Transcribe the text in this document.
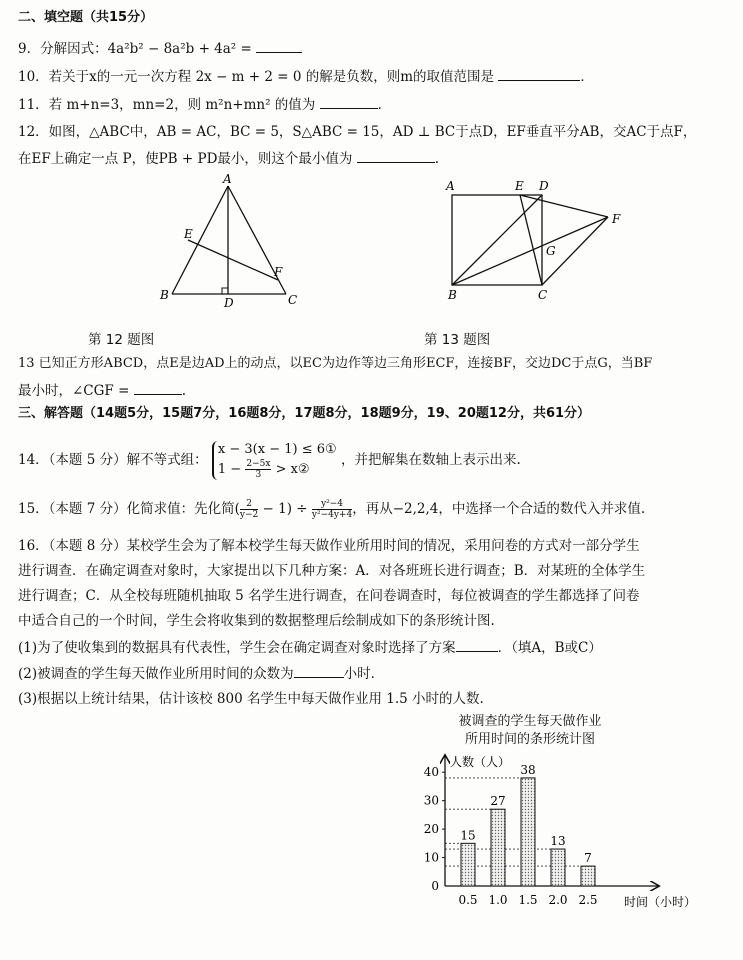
二、填空题（共15分）
9．分解因式：4a²b² − 8a²b + 4a² =
10．若关于x的一元一次方程 2x − m + 2 = 0 的解是负数，则m的取值范围是	．
11．若 m+n=3，mn=2，则 m²n+mn² 的值为	．
12．如图，△ABC中，AB = AC，BC = 5，S△ABC = 15，AD ⊥ BC于点D，EF垂直平分AB，交AC于点F，
在EF上确定一点 P，使PB + PD最小，则这个最小值为	.
A
B	C
D
E
F
第 12 题图
A	E D
F
G
B	C
第 13 题图
13 已知正方形ABCD，点E是边AD上的动点，以EC为边作等边三角形ECF，连接BF，交边DC于点G，当BF
最小时，∠CGF =	.
三、解答题（14题5分，15题7分，16题8分，17题8分，18题9分，19、20题12分，共61分）
14．（本题 5 分）解不等式组：
x − 3(x − 1) ≤ 6①
$1 - \frac{2-5x}{3}$ > x②
，并把解集在数轴上表示出来.
15．（本题 7 分）化简求值：先化简( $\frac{2}{y-2} - 1) \div \frac{\text{y²−4}}{\text{y²−4y+4}}$ ，再从−2,2,4，中选择一个合适的数代入并求值.
16．（本题 8 分）某校学生会为了解本校学生每天做作业所用时间的情况，采用问卷的方式对一部分学生
进行调查．在确定调查对象时，大家提出以下几种方案：A．对各班班长进行调查；B．对某班的全体学生
进行调查；C．从全校每班随机抽取 5 名学生进行调查，在问卷调查时，每位被调查的学生都选择了问卷
中适合自己的一个时间，学生会将收集到的数据整理后绘制成如下的条形统计图.
(1)为了使收集到的数据具有代表性，学生会在确定调查对象时选择了方案	．（填A，B或C）
(2)被调查的学生每天做作业所用时间的众数为	小时．
(3)根据以上统计结果，估计该校 800 名学生中每天做作业用 1.5 小时的人数.
被调查的学生每天做作业
所用时间的条形统计图
人数（人）
时间（小时）
0
10
20
30
40
15
0.5
27
1.0
38
1.5
13
2.0
7
2.5
